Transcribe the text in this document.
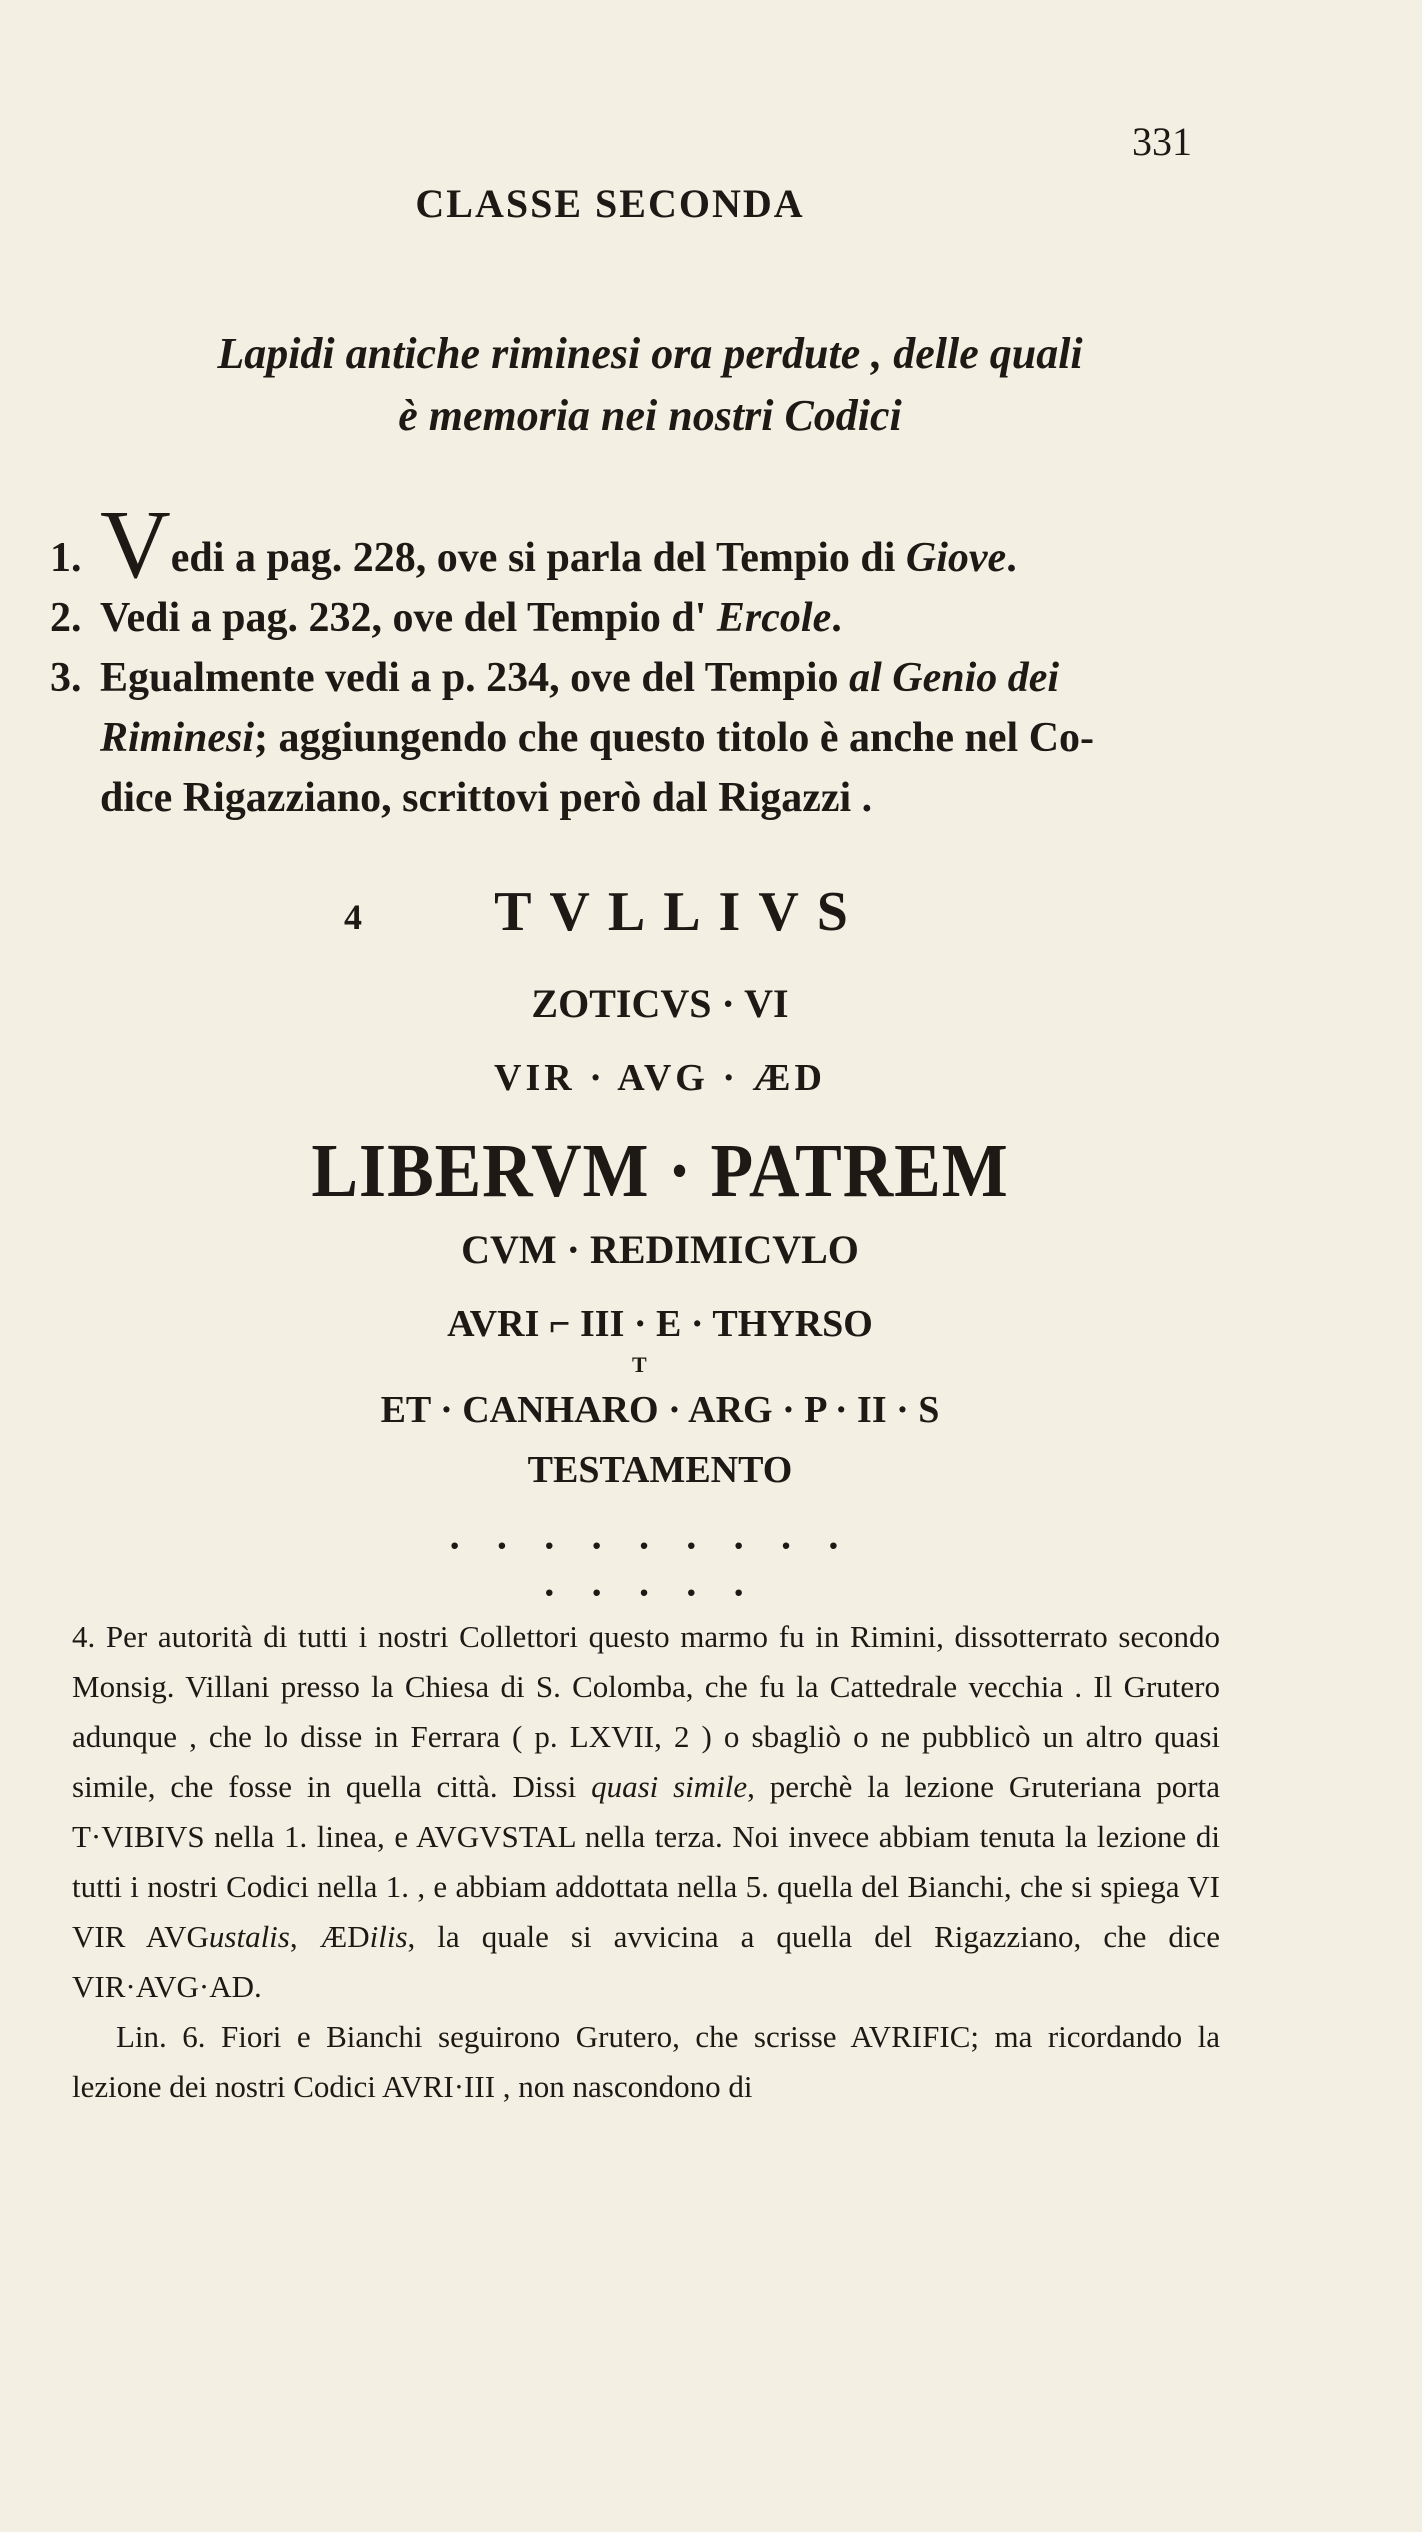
331
CLASSE SECONDA
Lapidi antiche riminesi ora perdute , delle quali
è memoria nei nostri Codici

1. Vedi a pag. 228, ove si parla del Tempio di Giove.

2. Vedi a pag. 232, ove del Tempio d' Ercole.

3. Egualmente vedi a p. 234, ove del Tempio al Genio dei
Riminesi; aggiungendo che questo titolo è anche nel Co-
dice Rigazziano, scrittovi però dal Rigazzi .

4	TVLLIVS
ZOTICVS · VI
VIR · AVG · ÆD
LIBERVM · PATREM
CVM · REDIMICVLO
AVRI ⌐ III · E · THYRSO
T
ET · CANHARO · ARG · P · II · S
TESTAMENTO
· · · · · · · · · · · · · ·

4. Per autorità di tutti i nostri Collettori questo marmo fu in Rimini, dissotterrato secondo Monsig. Villani presso la Chiesa di S. Colomba, che fu la Cattedrale vecchia . Il Grutero adunque , che lo disse in Ferrara ( p. LXVII, 2 ) o sbagliò o ne pubblicò un altro quasi simile, che fosse in quella città. Dissi quasi simile, perchè la lezione Gruteriana porta T·VIBIVS nella 1. linea, e AVGVSTAL nella terza. Noi invece abbiam tenuta la lezione di tutti i nostri Codici nella 1. , e abbiam addottata nella 5. quella del Bianchi, che si spiega VI VIR AVGustalis, ÆDilis, la quale si avvicina a quella del Rigazziano, che dice VIR·AVG·AD.

Lin. 6. Fiori e Bianchi seguirono Grutero, che scrisse AVRIFIC; ma ricordando la lezione dei nostri Codici AVRI·III , non nascondono di
